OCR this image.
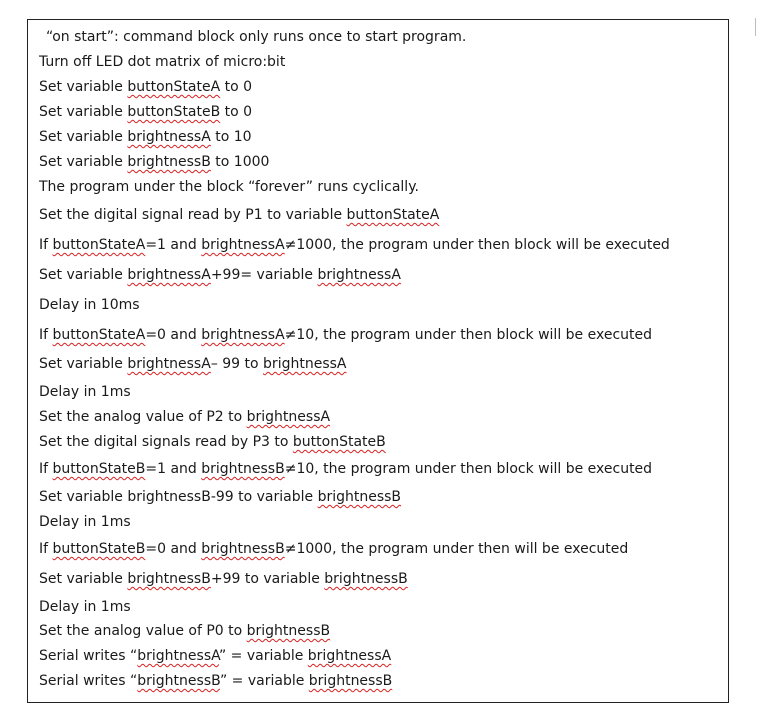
“on start”: command block only runs once to start program.
Turn off LED dot matrix of micro:bit
Set variable buttonStateA to 0
Set variable buttonStateB to 0
Set variable brightnessA to 10
Set variable brightnessB to 1000
The program under the block “forever” runs cyclically.
Set the digital signal read by P1 to variable buttonStateA
If buttonStateA=1 and brightnessA≠1000, the program under then block will be executed
Set variable brightnessA+99= variable brightnessA
Delay in 10ms
If buttonStateA=0 and brightnessA≠10, the program under then block will be executed
Set variable brightnessA– 99 to brightnessA
Delay in 1ms
Set the analog value of P2 to brightnessA
Set the digital signals read by P3 to buttonStateB
If buttonStateB=1 and brightnessB≠10, the program under then block will be executed
Set variable brightnessB-99 to variable brightnessB
Delay in 1ms
If buttonStateB=0 and brightnessB≠1000, the program under then will be executed
Set variable brightnessB+99 to variable brightnessB
Delay in 1ms
Set the analog value of P0 to brightnessB
Serial writes “brightnessA” = variable brightnessA
Serial writes “brightnessB” = variable brightnessB
